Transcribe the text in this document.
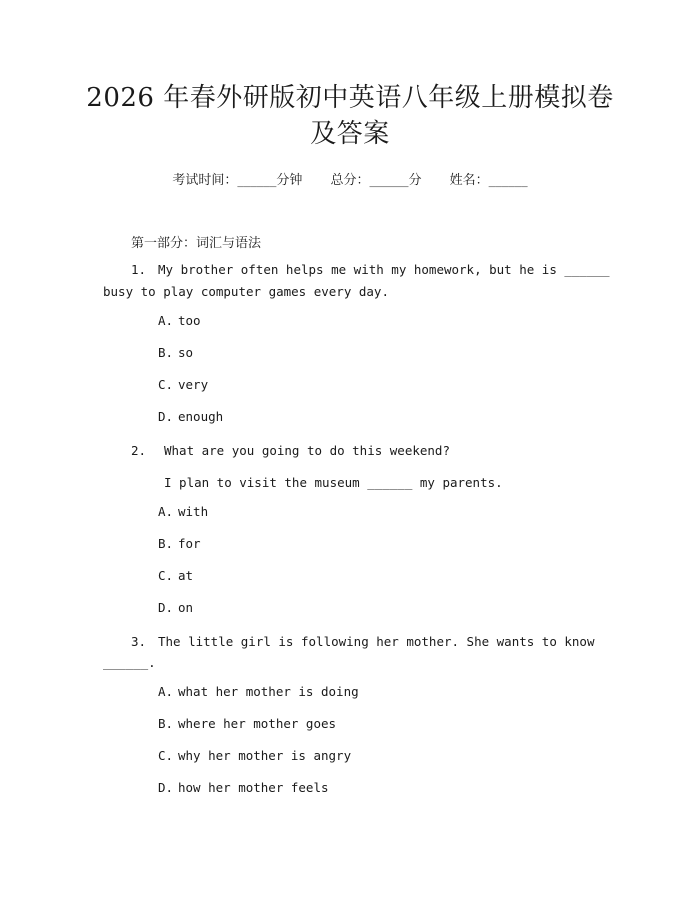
2026 年春外研版初中英语八年级上册模拟卷
及答案
考试时间：______分钟 总分：______分 姓名：______
第一部分：词汇与语法
1. My brother often helps me with my homework, but he is ______
busy to play computer games every day.
A. too
B. so
C. very
D. enough
2. What are you going to do this weekend?
I plan to visit the museum ______ my parents.
A. with
B. for
C. at
D. on
3. The little girl is following her mother. She wants to know
______.
A. what her mother is doing
B. where her mother goes
C. why her mother is angry
D. how her mother feels
